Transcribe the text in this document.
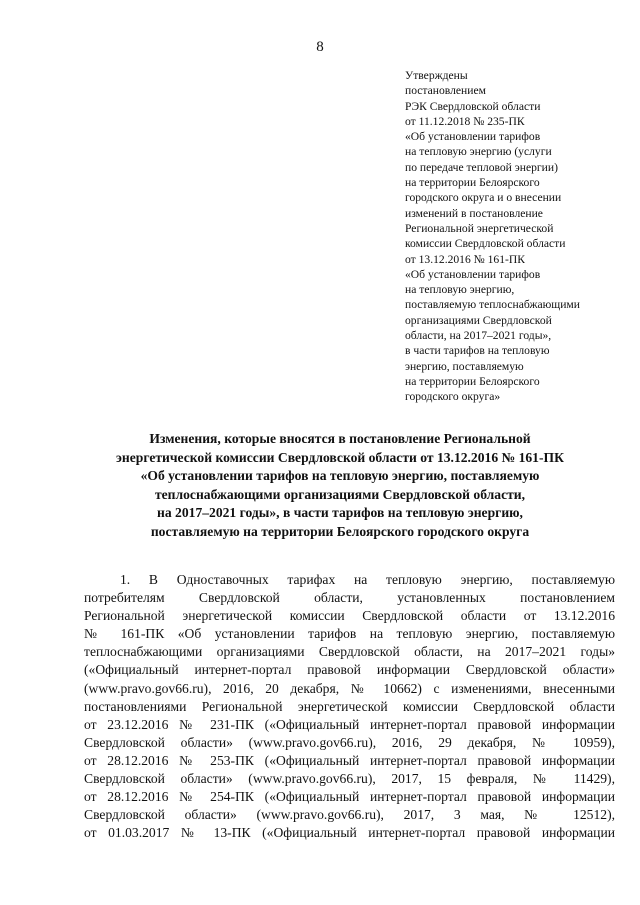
8
Утверждены
постановлением
РЭК Свердловской области
от 11.12.2018 № 235-ПК
«Об установлении тарифов
на тепловую энергию (услуги
по передаче тепловой энергии)
на территории Белоярского
городского округа и о внесении
изменений в постановление
Региональной энергетической
комиссии Свердловской области
от 13.12.2016 № 161-ПК
«Об установлении тарифов
на тепловую энергию,
поставляемую теплоснабжающими
организациями Свердловской
области, на 2017–2021 годы»,
в части тарифов на тепловую
энергию, поставляемую
на территории Белоярского
городского округа»
Изменения, которые вносятся в постановление Региональной
энергетической комиссии Свердловской области от 13.12.2016 № 161-ПК
«Об установлении тарифов на тепловую энергию, поставляемую
теплоснабжающими организациями Свердловской области,
на 2017–2021 годы», в части тарифов на тепловую энергию,
поставляемую на территории Белоярского городского округа
1. В Одноставочных тарифах на тепловую энергию, поставляемую
потребителям Свердловской области, установленных постановлением
Региональной энергетической комиссии Свердловской области от 13.12.2016
№ 161-ПК «Об установлении тарифов на тепловую энергию, поставляемую
теплоснабжающими организациями Свердловской области, на 2017–2021 годы»
(«Официальный интернет-портал правовой информации Свердловской области»
(www.pravo.gov66.ru), 2016, 20 декабря, № 10662) с изменениями, внесенными
постановлениями Региональной энергетической комиссии Свердловской области
от 23.12.2016 № 231-ПК («Официальный интернет-портал правовой информации
Свердловской области» (www.pravo.gov66.ru), 2016, 29 декабря, № 10959),
от 28.12.2016 № 253-ПК («Официальный интернет-портал правовой информации
Свердловской области» (www.pravo.gov66.ru), 2017, 15 февраля, № 11429),
от 28.12.2016 № 254-ПК («Официальный интернет-портал правовой информации
Свердловской области» (www.pravo.gov66.ru), 2017, 3 мая, № 12512),
от 01.03.2017 № 13-ПК («Официальный интернет-портал правовой информации
